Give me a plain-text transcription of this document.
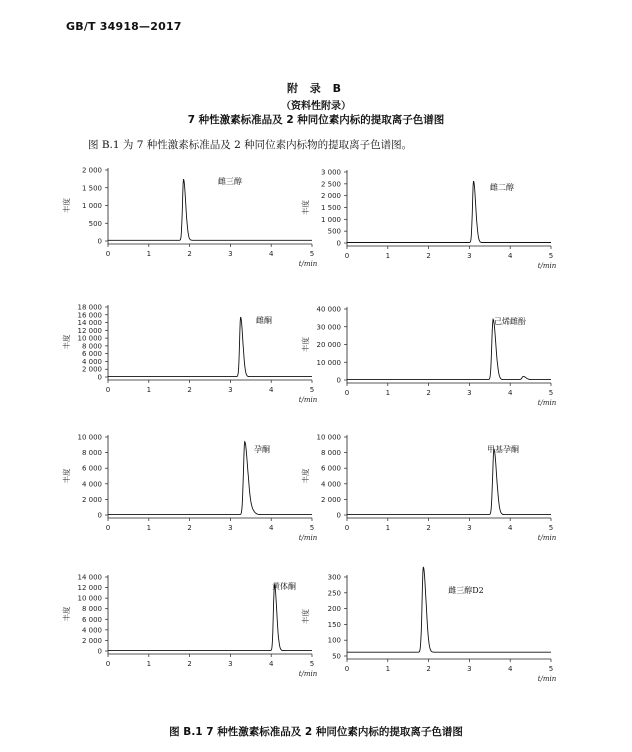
GB/T 34918—2017
附 录 B
（资料性附录）
7 种性激素标准品及 2 种同位素内标的提取离子色谱图
图 B.1 为 7 种性激素标准品及 2 种同位素内标物的提取离子色谱图。
0
500
1 000
1 500
2 000
0	1	2	3	4	5
t/min
丰度
雌三醇
0
500
1 000
1 500
2 000
2 500
3 000
0	1	2	3	4	5
t/min
丰度
雌二醇
0
2 000
4 000
6 000
8 000
10 000
12 000
14 000
16 000
18 000
0	1	2	3	4	5
t/min
丰度
雌酮
0
10 000
20 000
30 000
40 000
0	1	2	3	4	5
t/min
丰度
己烯雌酚
0
2 000
4 000
6 000
8 000
10 000
0	1	2	3	4	5
t/min
丰度
孕酮
0
2 000
4 000
6 000
8 000
10 000
0	1	2	3	4	5
t/min
丰度
甲基孕酮
0
2 000
4 000
6 000
8 000
10 000
12 000
14 000
0	1	2	3	4	5
t/min
丰度
黄体酮
50
100
150
200
250
300
0	1	2	3	4	5
t/min
丰度
雌三醇D2
图 B.1 7 种性激素标准品及 2 种同位素内标的提取离子色谱图
